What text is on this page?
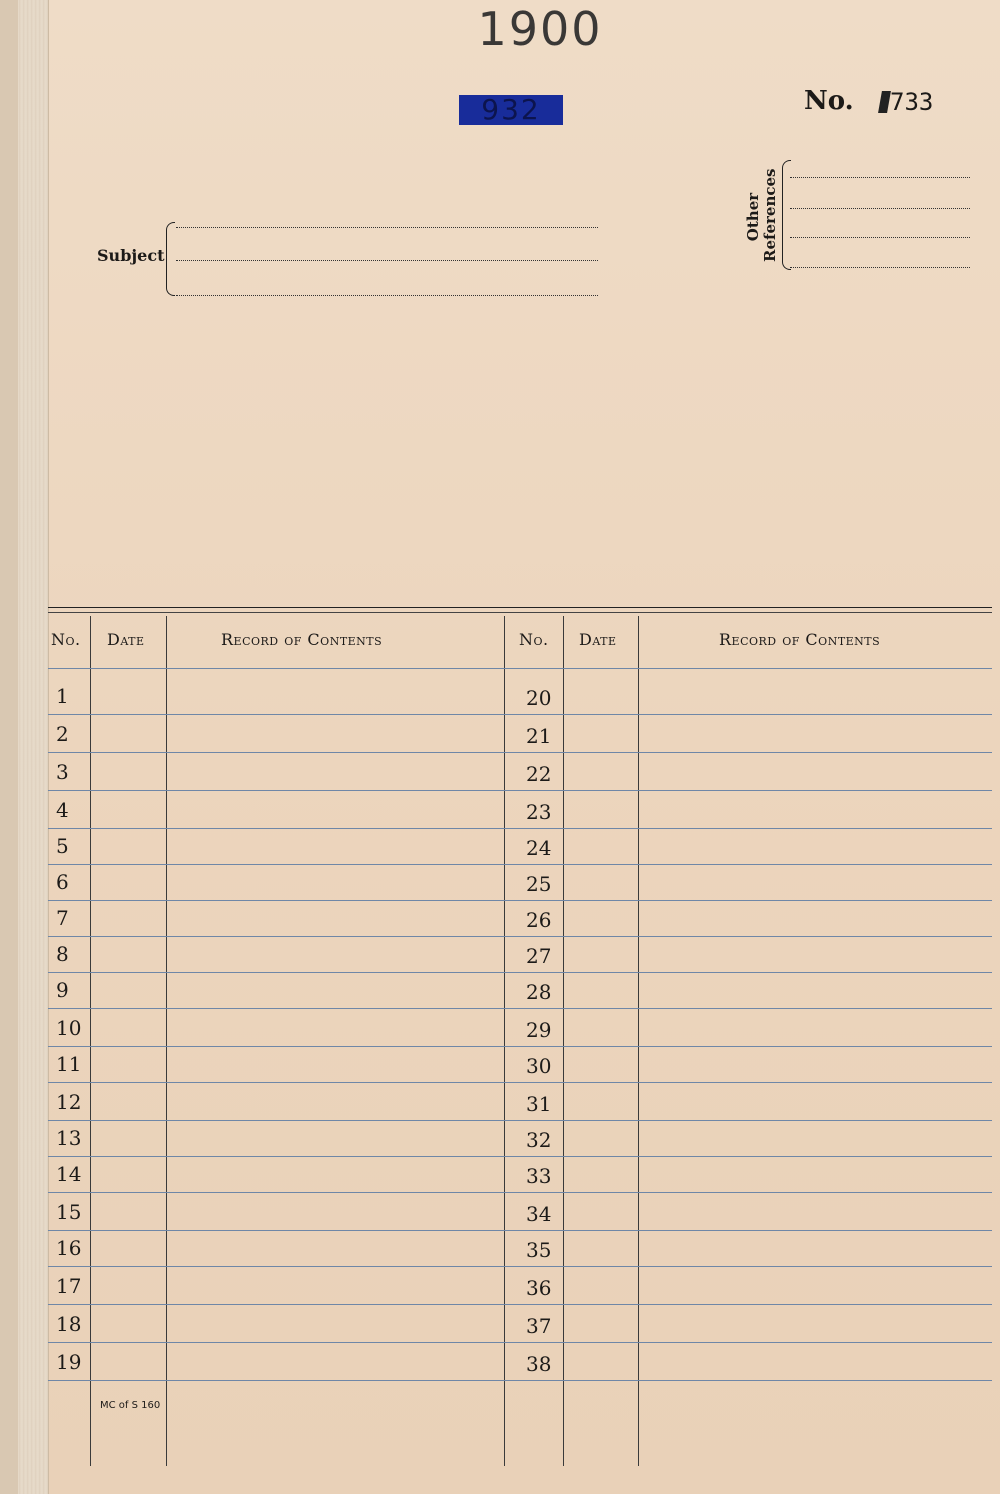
1900
932	No.	733
Subject
Other
References
No. Date	Record of Contents	No. Date	Record of Contents
1	20
2	21
3	22
4	23
5	24
6	25
7	26
8	27
9	28
10	29
11	30
12	31
13	32
14	33
15	34
16	35
17	36
18	37
19	38
MC of S 160
